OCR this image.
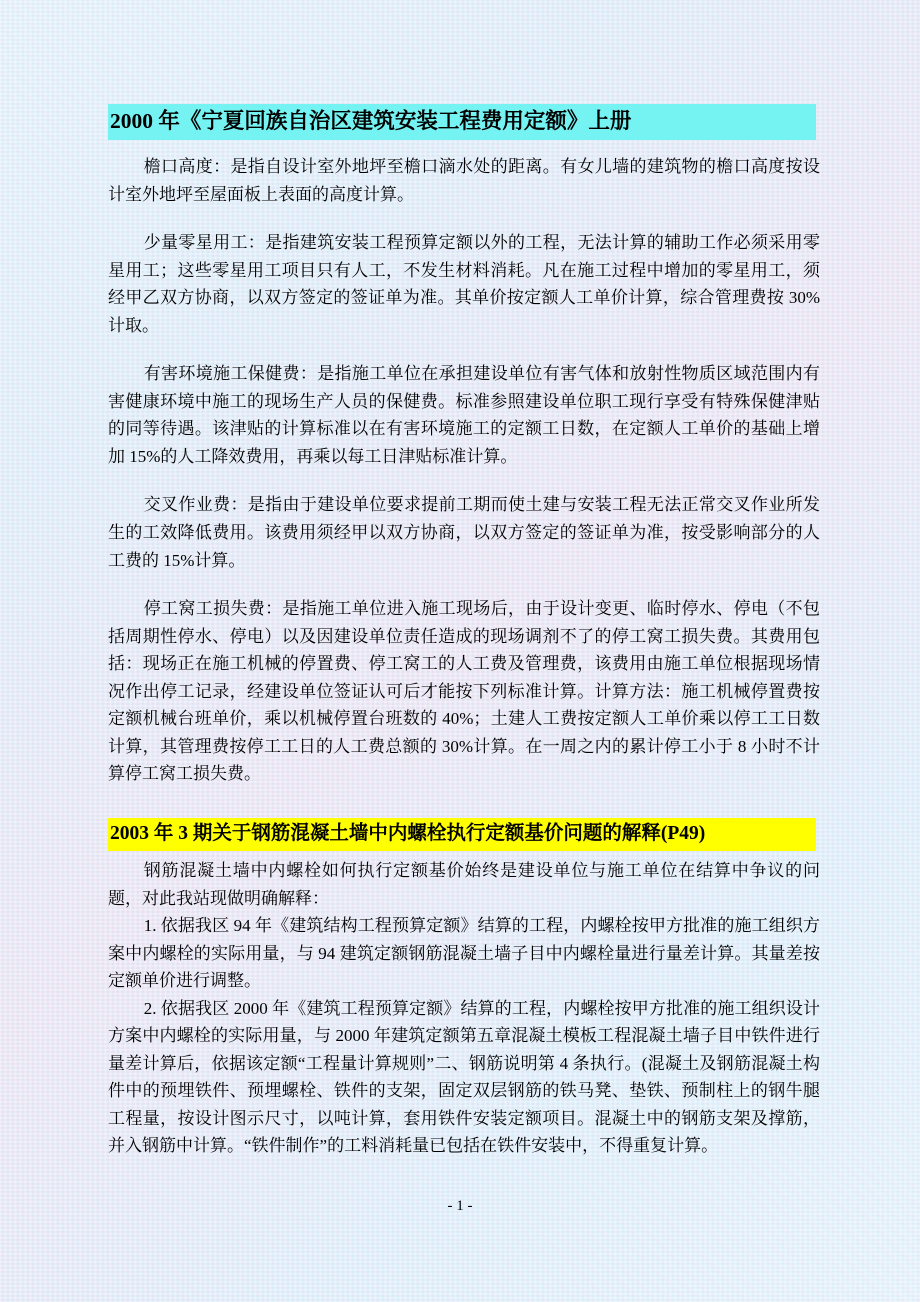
2000 年《宁夏回族自治区建筑安装工程费用定额》上册

檐口高度：是指自设计室外地坪至檐口滴水处的距离。有女儿墙的建筑物的檐口高度按设计室外地坪至屋面板上表面的高度计算。

少量零星用工：是指建筑安装工程预算定额以外的工程，无法计算的辅助工作必须采用零星用工；这些零星用工项目只有人工，不发生材料消耗。凡在施工过程中增加的零星用工，须经甲乙双方协商，以双方签定的签证单为准。其单价按定额人工单价计算，综合管理费按 30%计取。

有害环境施工保健费：是指施工单位在承担建设单位有害气体和放射性物质区域范围内有害健康环境中施工的现场生产人员的保健费。标准参照建设单位职工现行享受有特殊保健津贴的同等待遇。该津贴的计算标准以在有害环境施工的定额工日数，在定额人工单价的基础上增加 15%的人工降效费用，再乘以每工日津贴标准计算。

交叉作业费：是指由于建设单位要求提前工期而使土建与安装工程无法正常交叉作业所发生的工效降低费用。该费用须经甲以双方协商，以双方签定的签证单为准，按受影响部分的人工费的 15%计算。

停工窝工损失费：是指施工单位进入施工现场后，由于设计变更、临时停水、停电（不包括周期性停水、停电）以及因建设单位责任造成的现场调剂不了的停工窝工损失费。其费用包括：现场正在施工机械的停置费、停工窝工的人工费及管理费，该费用由施工单位根据现场情况作出停工记录，经建设单位签证认可后才能按下列标准计算。计算方法：施工机械停置费按定额机械台班单价，乘以机械停置台班数的 40%；土建人工费按定额人工单价乘以停工工日数计算，其管理费按停工工日的人工费总额的 30%计算。在一周之内的累计停工小于 8 小时不计算停工窝工损失费。

2003 年 3 期关于钢筋混凝土墙中内螺栓执行定额基价问题的解释(P49)

钢筋混凝土墙中内螺栓如何执行定额基价始终是建设单位与施工单位在结算中争议的问题，对此我站现做明确解释：

1. 依据我区 94 年《建筑结构工程预算定额》结算的工程，内螺栓按甲方批准的施工组织方案中内螺栓的实际用量，与 94 建筑定额钢筋混凝土墙子目中内螺栓量进行量差计算。其量差按定额单价进行调整。

2. 依据我区 2000 年《建筑工程预算定额》结算的工程，内螺栓按甲方批准的施工组织设计方案中内螺栓的实际用量，与 2000 年建筑定额第五章混凝土模板工程混凝土墙子目中铁件进行量差计算后，依据该定额“工程量计算规则”二、钢筋说明第 4 条执行。(混凝土及钢筋混凝土构件中的预埋铁件、预埋螺栓、铁件的支架，固定双层钢筋的铁马凳、垫铁、预制柱上的钢牛腿工程量，按设计图示尺寸，以吨计算，套用铁件安装定额项目。混凝土中的钢筋支架及撑筋，并入钢筋中计算。“铁件制作”的工料消耗量已包括在铁件安装中，不得重复计算。

- 1 -
